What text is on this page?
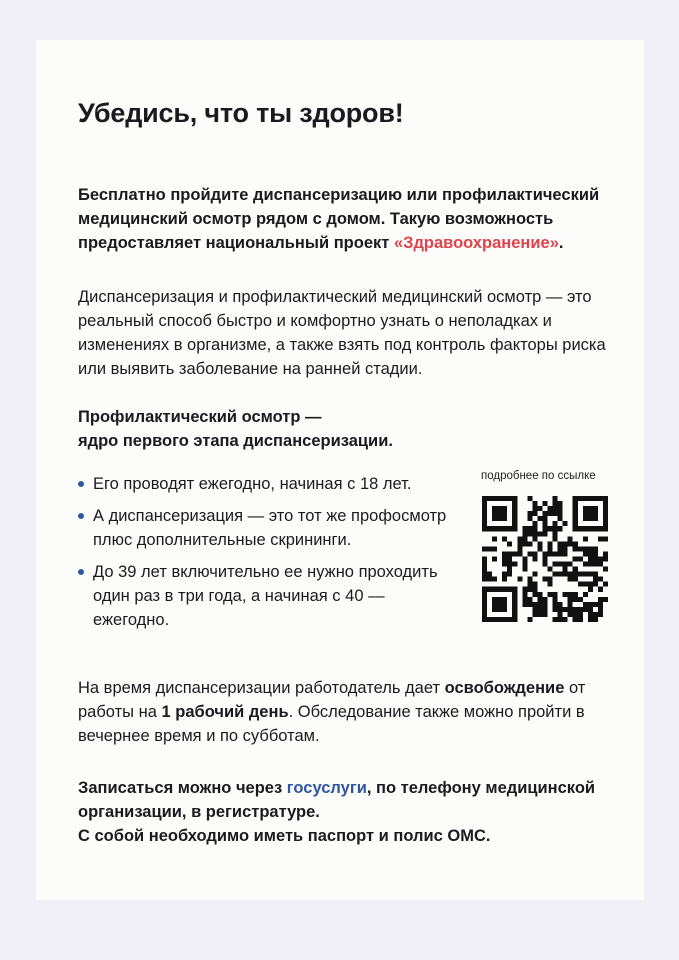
Убедись, что ты здоров!

Бесплатно пройдите диспансеризацию или профилактический медицинский осмотр рядом с домом. Такую возможность предоставляет национальный проект «Здравоохранение».

Диспансеризация и профилактический медицинский осмотр — это реальный способ быстро и комфортно узнать о неполадках и изменениях в организме, а также взять под контроль факторы риска или выявить заболевание на ранней стадии.

Профилактический осмотр —
ядро первого этапа диспансеризации.

Его проводят ежегодно, начиная с 18 лет.
А диспансеризация — это тот же профосмотр плюс дополнительные скрининги.
До 39 лет включительно ее нужно проходить один раз в три года, а начиная с 40 — ежегодно.
подробнее по ссылке

На время диспансеризации работодатель дает освобождение от работы на 1 рабочий день. Обследование также можно пройти в вечернее время и по субботам.

Записаться можно через госуслуги, по телефону медицинской организации, в регистратуре.
С собой необходимо иметь паспорт и полис ОМС.
